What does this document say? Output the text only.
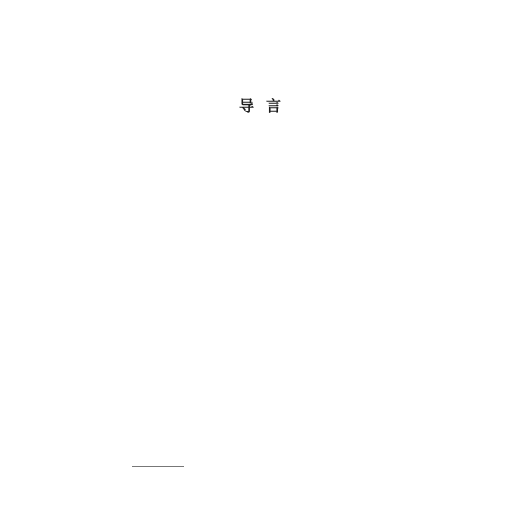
导言
